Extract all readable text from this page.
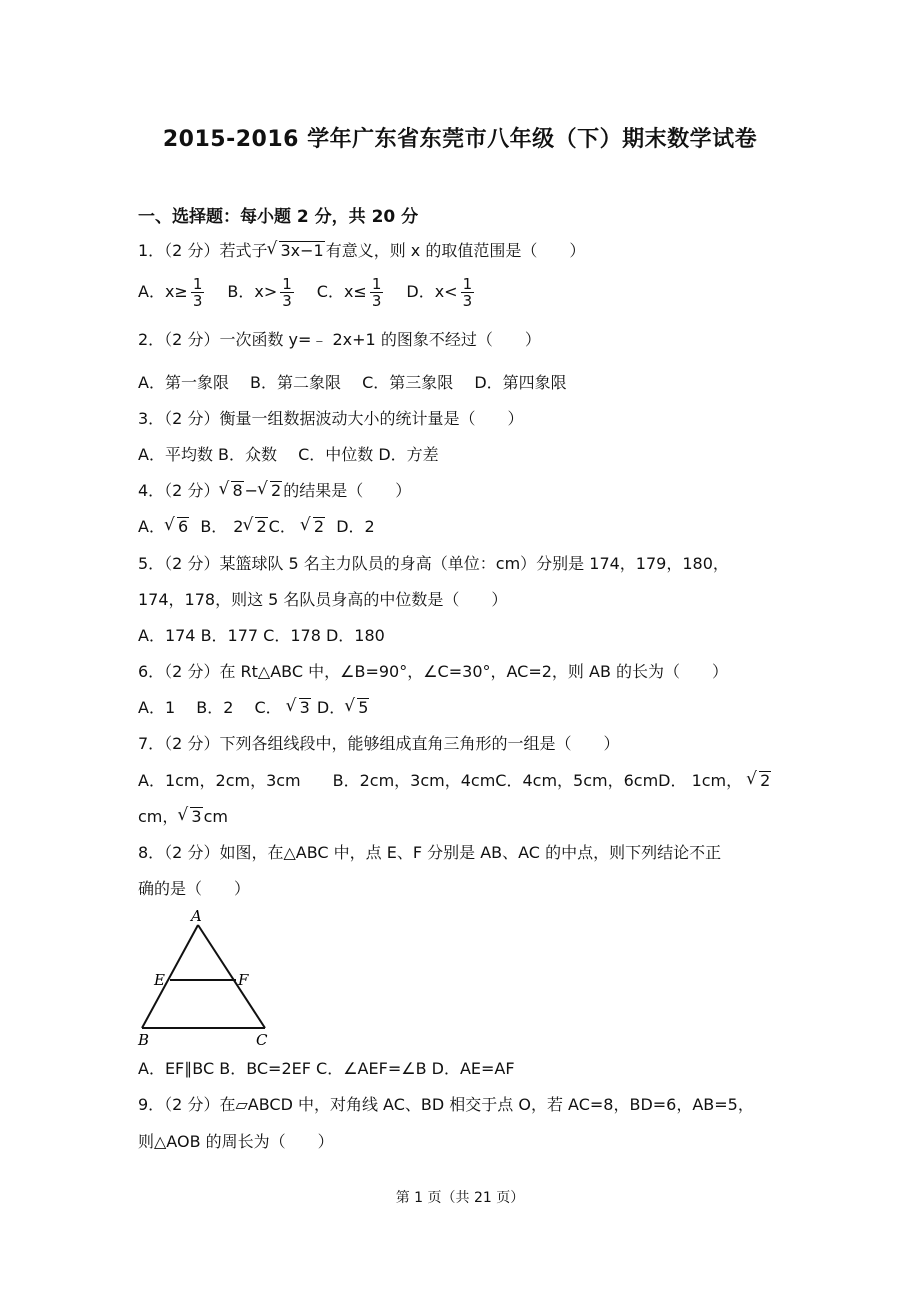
2015-2016 学年广东省东莞市八年级（下）期末数学试卷
一、选择题：每小题 2 分，共 20 分
1．（2 分）若式子 √ 3x−1 有意义，则 x 的取值范围是（　　）
A．$x\ge \frac{1}{3}$ B．$x> \frac{1}{3}$ C．$x\le \frac{1}{3}$ D．$x< \frac{1}{3}$
2．（2 分）一次函数 y=﹣ 2x+1 的图象不经过（　　）
A．第一象限　 B．第二象限　 C．第三象限　 D．第四象限
3．（2 分）衡量一组数据波动大小的统计量是（　　）
A．平均数 B．众数　 C．中位数 D．方差
4．（2 分） √ 8 − √ 2 的结果是（　　）
A． √ 6  B． 2 √ 2 C． √ 2  D．2
5．（2 分）某篮球队 5 名主力队员的身高（单位：cm）分别是 174，179，180，
174，178，则这 5 名队员身高的中位数是（　　）
A．174 B．177 C．178 D．180
6．（2 分）在 Rt△ABC 中，∠B=90°，∠C=30°，AC=2，则 AB 的长为（　　）
A．1　 B．2　 C． √ 3 D． √ 5
7．（2 分）下列各组线段中，能够组成直角三角形的一组是（　　）
A．1cm，2cm，3cm　　B．2cm，3cm，4cmC．4cm，5cm，6cmD． 1cm， √ 2
cm， √ 3 cm
8．（2 分）如图，在△ABC 中，点 E、F 分别是 AB、AC 的中点，则下列结论不正
确的是（　　）
A
E	F
B	C
A．EF∥BC B．BC=2EF C．∠AEF=∠B D．AE=AF
9．（2 分）在▱ABCD 中，对角线 AC、BD 相交于点 O，若 AC=8，BD=6，AB=5，
则△AOB 的周长为（　　）
第 1 页（共 21 页）
